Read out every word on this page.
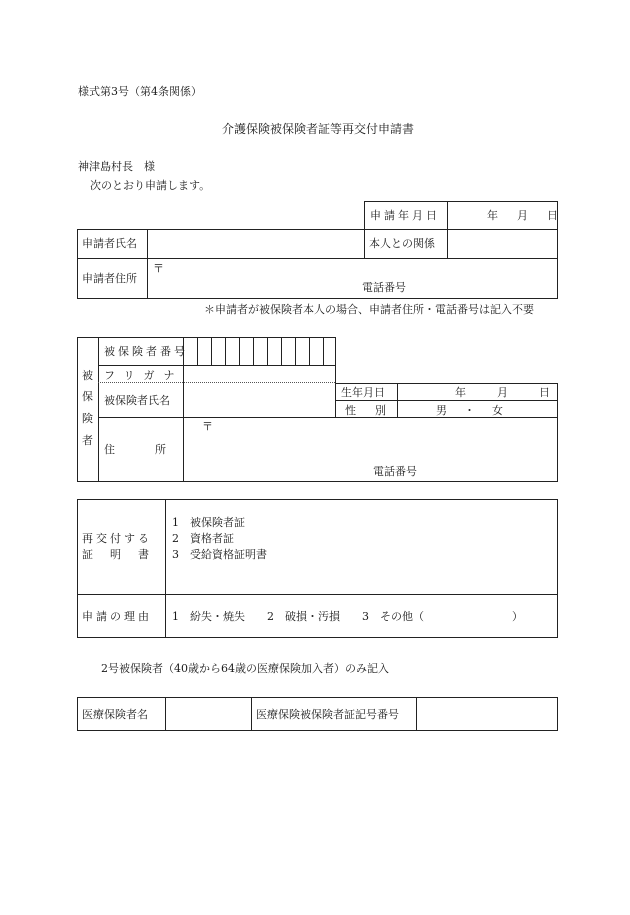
様式第3号（第4条関係）
介護保険被保険者証等再交付申請書
神津島村長　様
次のとおり申請します。
申請年月日	年　月　日
申請者氏名	本人との関係
申請者住所
〒
電話番号
＊申請者が被保険者本人の場合、申請者住所・電話番号は記入不要
被保険者番号
フリガナ
被保険者氏名
生年月日	年　月　日
性　別	男　・　女
住　　所
〒
電話番号
被
保
険
者
再交付する
証　明　書
1　被保険者証
2　資格者証
3　受給資格証明書
申請の理由 1　紛失・焼失　　2　破損・汚損　　3　その他（　　　　　　　　）
2号被保険者（40歳から64歳の医療保険加入者）のみ記入
医療保険者名	医療保険被保険者証記号番号
